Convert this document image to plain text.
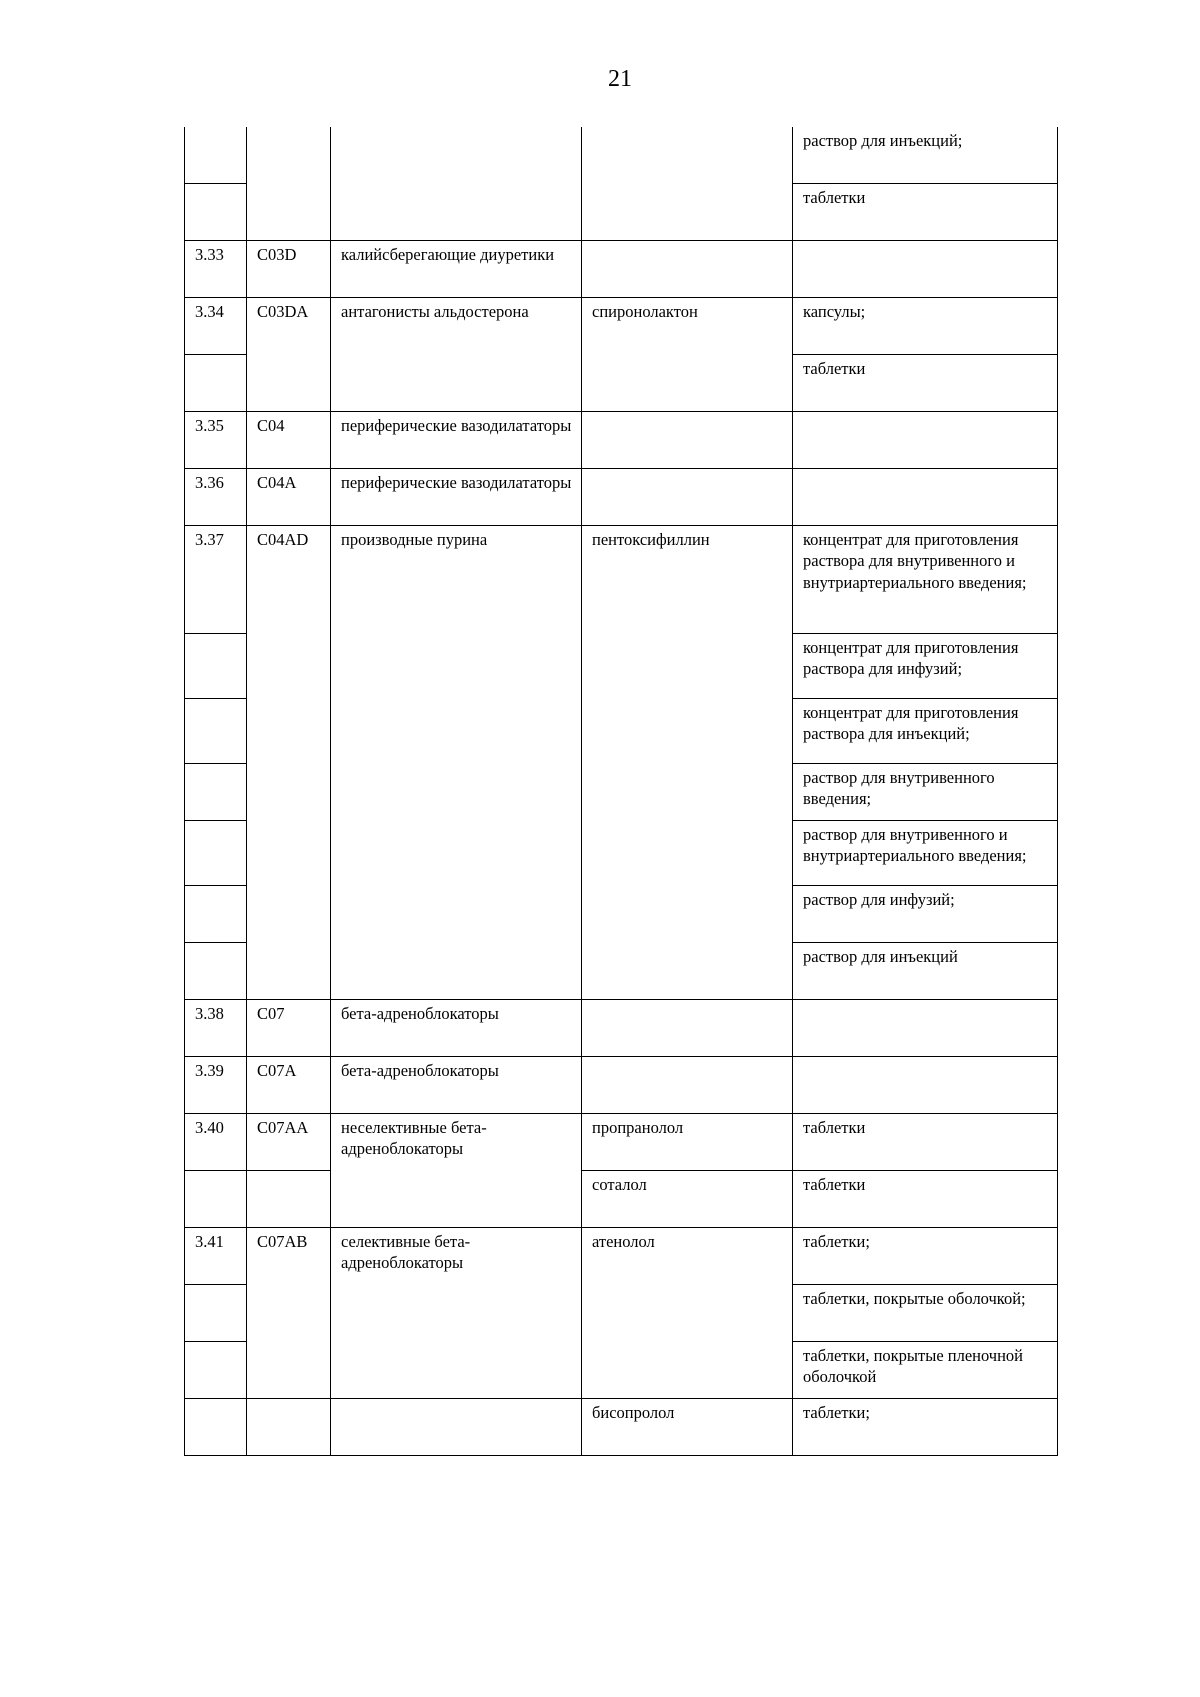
21
				раствор для инъекций;
				таблетки
3.33	C03D	калийсберегающие диуретики		
3.34	C03DA	антагонисты альдостерона	спиронолактон	капсулы;
				таблетки
3.35	C04	периферические вазодилататоры		
3.36	C04A	периферические вазодилататоры		
3.37	C04AD	производные пурина	пентоксифиллин	концентрат для приготовления раствора для внутривенного и внутриартериального введения;
				концентрат для приготовления раствора для инфузий;
				концентрат для приготовления раствора для инъекций;
				раствор для внутривенного введения;
				раствор для внутривенного и внутриартериального введения;
				раствор для инфузий;
				раствор для инъекций
3.38	C07	бета-адреноблокаторы		
3.39	C07A	бета-адреноблокаторы		
3.40	C07AA	неселективные бета-адреноблокаторы	пропранолол	таблетки
			соталол	таблетки
3.41	C07AB	селективные бета-адреноблокаторы	атенолол	таблетки;
				таблетки, покрытые оболочкой;
				таблетки, покрытые пленочной оболочкой
			бисопролол	таблетки;
